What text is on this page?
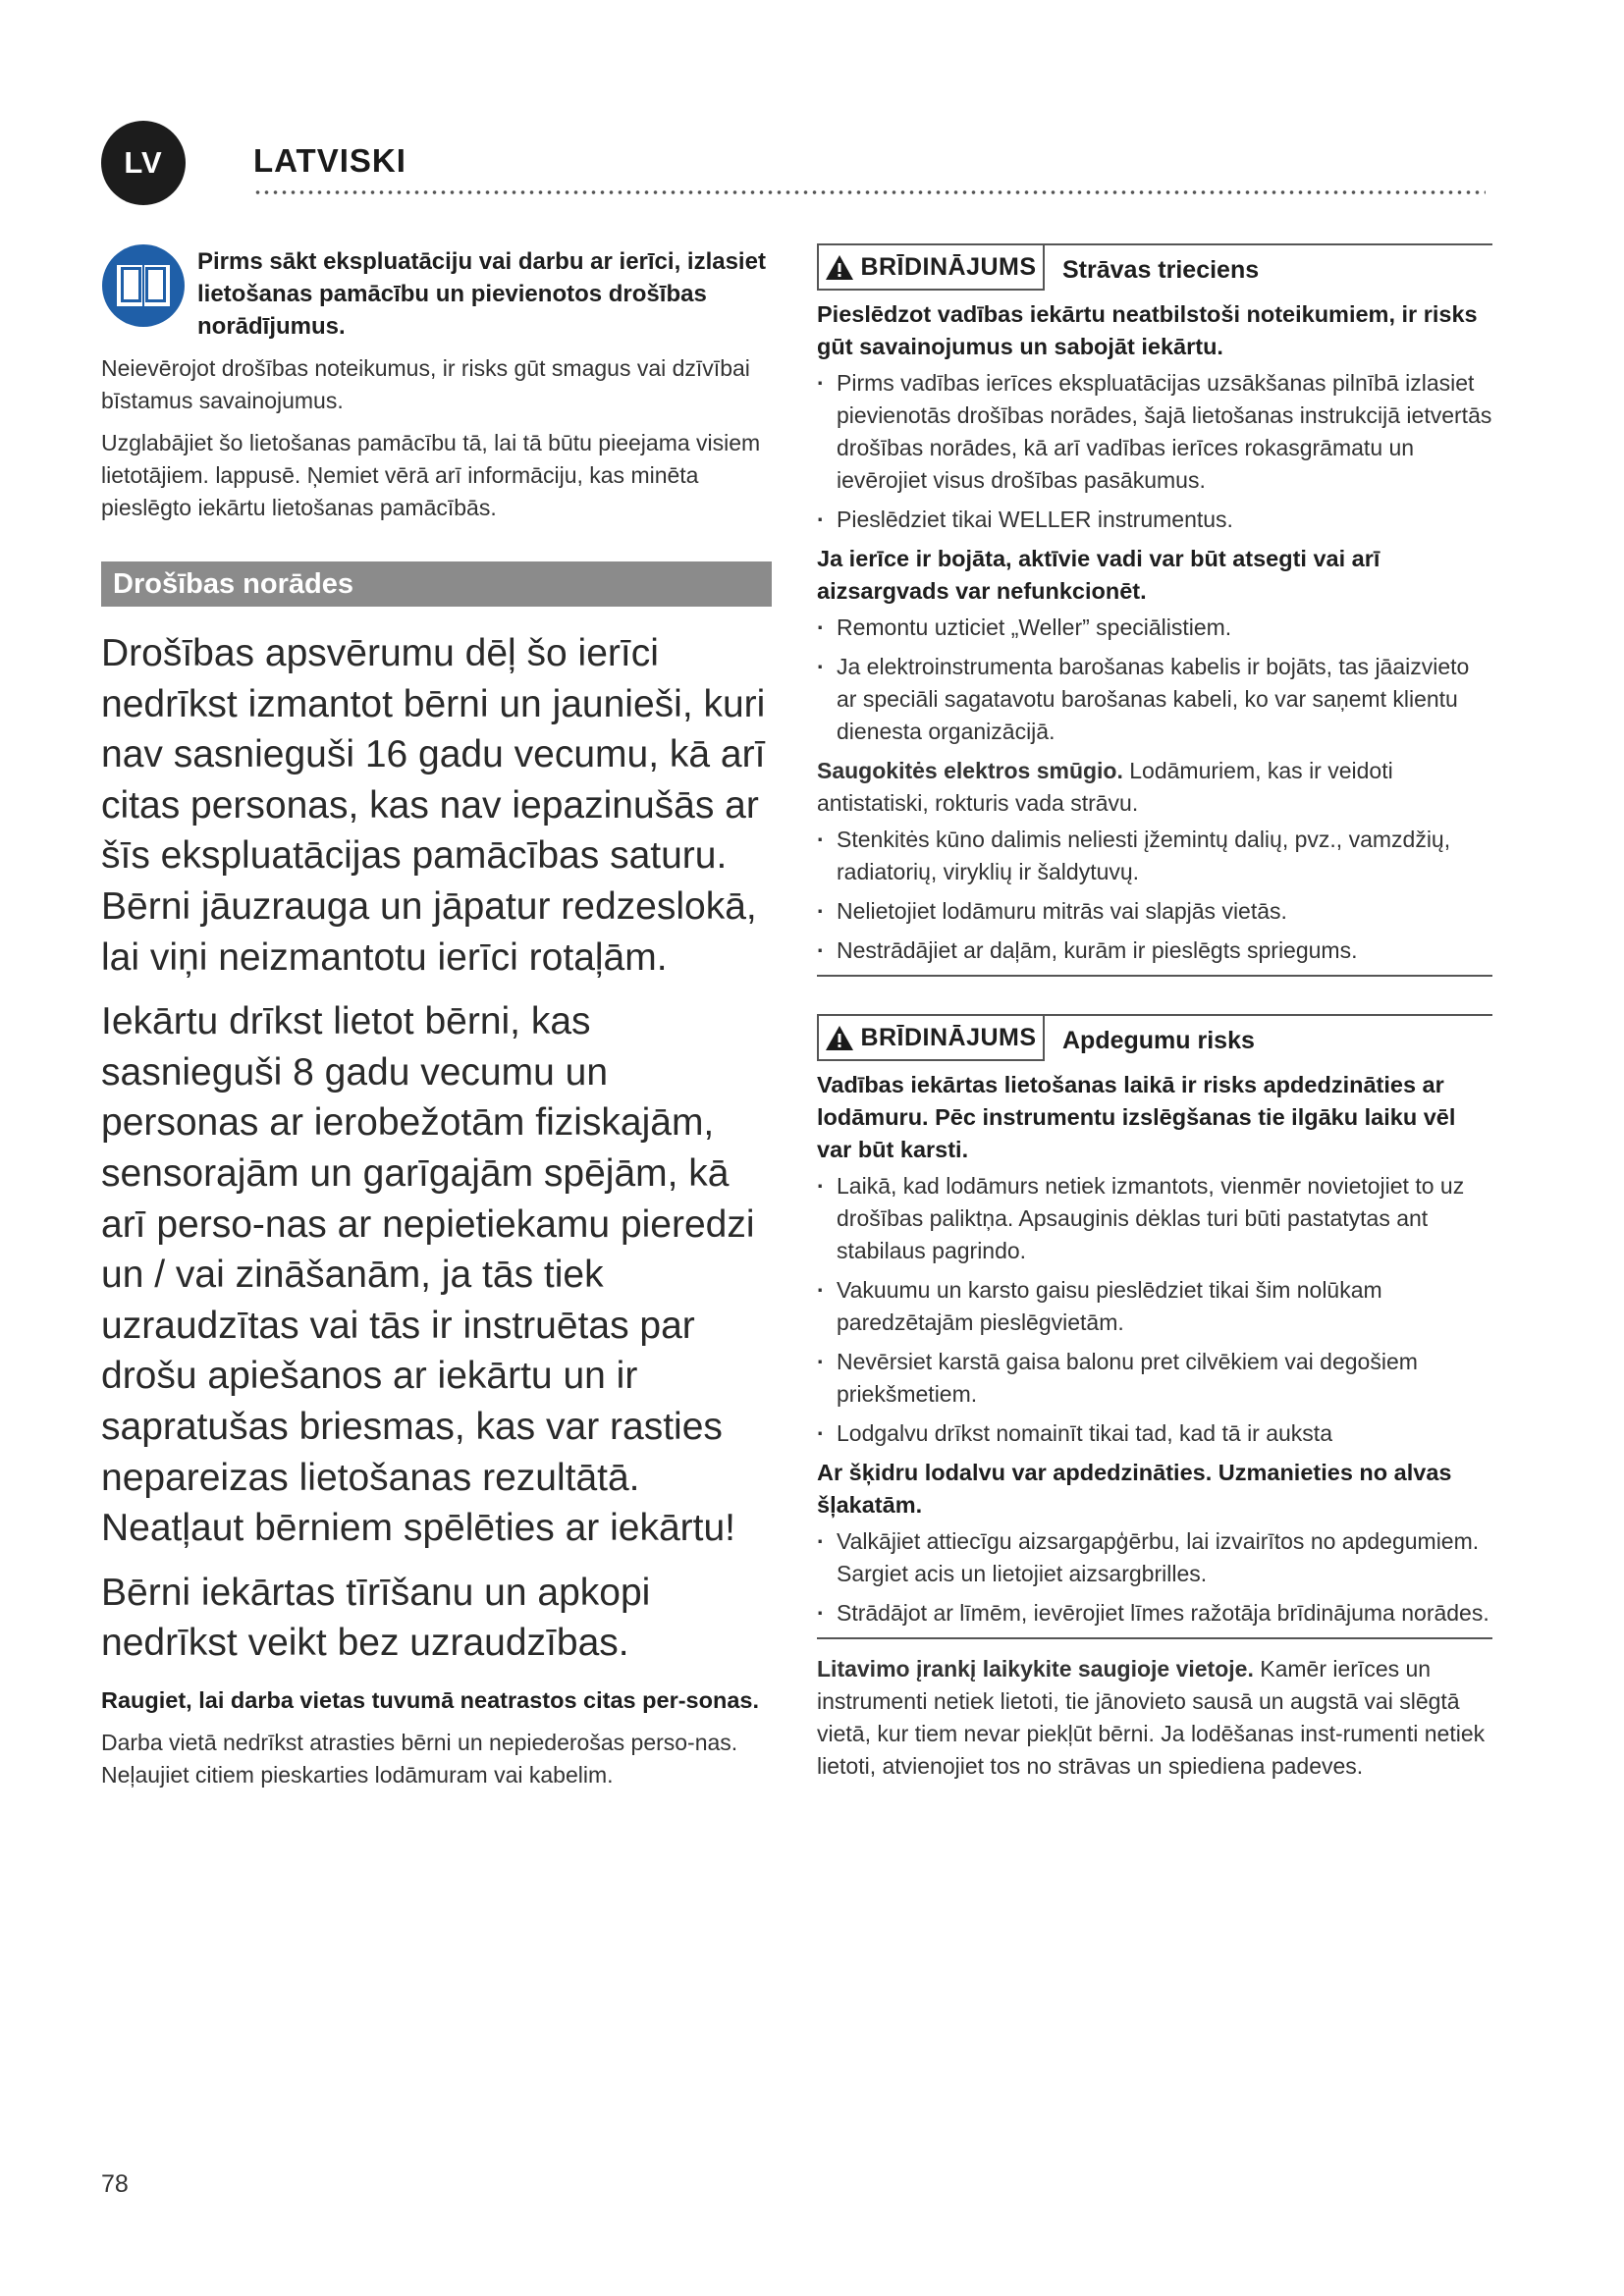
LV	LATVISKI

Pirms sākt ekspluatāciju vai darbu ar ierīci, izlasiet lietošanas pamācību un pievienotos drošības norādījumus.

Neievērojot drošības noteikumus, ir risks gūt smagus vai dzīvībai bīstamus savainojumus.

Uzglabājiet šo lietošanas pamācību tā, lai tā būtu pieejama visiem lietotājiem. lappusē. Ņemiet vērā arī informāciju, kas minēta pieslēgto iekārtu lietošanas pamācībās.

Drošības norādes

Drošības apsvērumu dēļ šo ierīci nedrīkst izmantot bērni un jaunieši, kuri nav sasnieguši 16 gadu vecumu, kā arī citas personas, kas nav iepazinušās ar šīs ekspluatācijas pamācības saturu. Bērni jāuzrauga un jāpatur redzeslokā, lai viņi neizmantotu ierīci rotaļām.

Iekārtu drīkst lietot bērni, kas sasnieguši 8 gadu vecumu un personas ar ierobežotām fiziskajām, sensorajām un garīgajām spējām, kā arī perso-nas ar nepietiekamu pieredzi un / vai zināšanām, ja tās tiek uzraudzītas vai tās ir instruētas par drošu apiešanos ar iekārtu un ir sapratušas briesmas, kas var rasties nepareizas lietošanas rezultātā. Neatļaut bērniem spēlēties ar iekārtu!

Bērni iekārtas tīrīšanu un apkopi nedrīkst veikt bez uzraudzības.

Raugiet, lai darba vietas tuvumā neatrastos citas per-sonas.

Darba vietā nedrīkst atrasties bērni un nepiederošas perso-nas. Neļaujiet citiem pieskarties lodāmuram vai kabelim.

BRĪDINĀJUMS Strāvas trieciens

Pieslēdzot vadības iekārtu neatbilstoši noteikumiem, ir risks gūt savainojumus un sabojāt iekārtu.

· Pirms vadības ierīces ekspluatācijas uzsākšanas pilnībā izlasiet pievienotās drošības norādes, šajā lietošanas instrukcijā ietvertās drošības norādes, kā arī vadības ierīces rokasgrāmatu un ievērojiet visus drošības pasākumus.
· Pieslēdziet tikai WELLER instrumentus.

Ja ierīce ir bojāta, aktīvie vadi var būt atsegti vai arī aizsargvads var nefunkcionēt.

· Remontu uzticiet „Weller” speciālistiem.
· Ja elektroinstrumenta barošanas kabelis ir bojāts, tas jāaizvieto ar speciāli sagatavotu barošanas kabeli, ko var saņemt klientu dienesta organizācijā.

Saugokitės elektros smūgio. Lodāmuriem, kas ir veidoti antistatiski, rokturis vada strāvu.

· Stenkitės kūno dalimis neliesti įžemintų dalių, pvz., vamzdžių, radiatorių, viryklių ir šaldytuvų.
· Nelietojiet lodāmuru mitrās vai slapjās vietās.
· Nestrādājiet ar daļām, kurām ir pieslēgts spriegums.
BRĪDINĀJUMS Apdegumu risks

Vadības iekārtas lietošanas laikā ir risks apdedzināties ar lodāmuru. Pēc instrumentu izslēgšanas tie ilgāku laiku vēl var būt karsti.

· Laikā, kad lodāmurs netiek izmantots, vienmēr novietojiet to uz drošības paliktņa. Apsauginis dėklas turi būti pastatytas ant stabilaus pagrindo.
· Vakuumu un karsto gaisu pieslēdziet tikai šim nolūkam paredzētajām pieslēgvietām.
· Nevērsiet karstā gaisa balonu pret cilvēkiem vai degošiem priekšmetiem.
· Lodgalvu drīkst nomainīt tikai tad, kad tā ir auksta

Ar šķidru lodalvu var apdedzināties. Uzmanieties no alvas šļakatām.

· Valkājiet attiecīgu aizsargapģērbu, lai izvairītos no apdegumiem. Sargiet acis un lietojiet aizsargbrilles.
· Strādājot ar līmēm, ievērojiet līmes ražotāja brīdinājuma norādes.

Litavimo įrankį laikykite saugioje vietoje. Kamēr ierīces un instrumenti netiek lietoti, tie jānovieto sausā un augstā vai slēgtā vietā, kur tiem nevar piekļūt bērni. Ja lodēšanas inst-rumenti netiek lietoti, atvienojiet tos no strāvas un spiediena padeves.

78
